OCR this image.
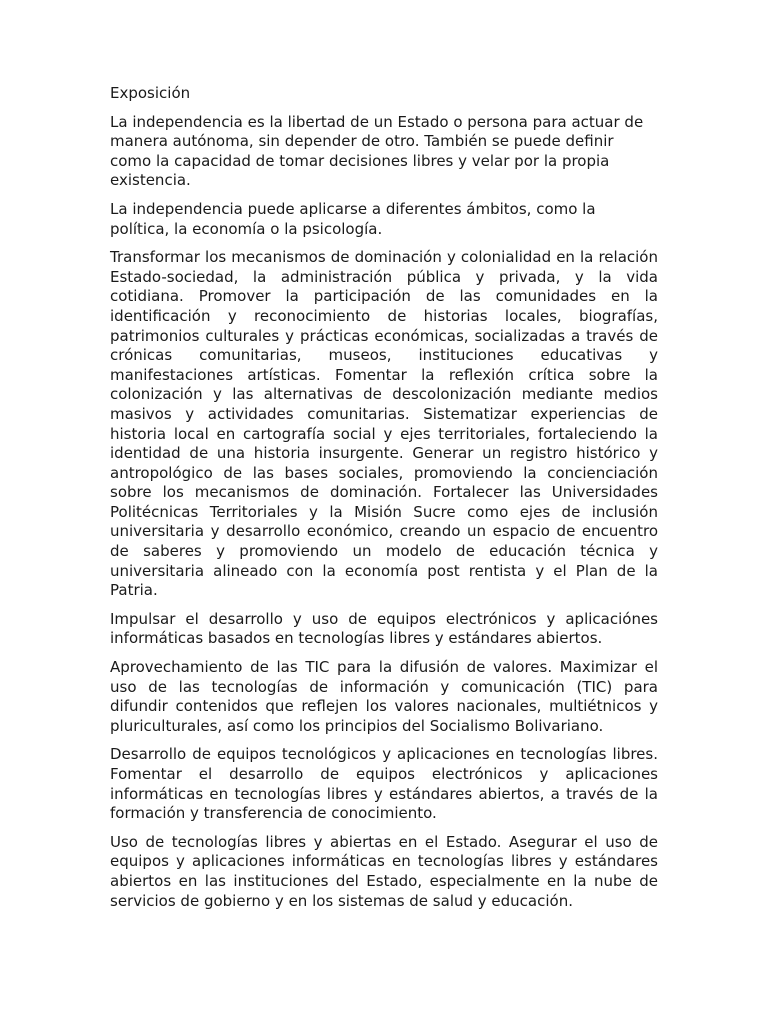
Exposición

La independencia es la libertad de un Estado o persona para actuar de manera autónoma, sin depender de otro. También se puede definir como la capacidad de tomar decisiones libres y velar por la propia existencia.

La independencia puede aplicarse a diferentes ámbitos, como la política, la economía o la psicología.

Transformar los mecanismos de dominación y colonialidad en la relación Estado-sociedad, la administración pública y privada, y la vida cotidiana. Promover la participación de las comunidades en la identificación y reconocimiento de historias locales, biografías, patrimonios culturales y prácticas económicas, socializadas a través de crónicas comunitarias, museos, instituciones educativas y manifestaciones artísticas. Fomentar la reflexión crítica sobre la colonización y las alternativas de descolonización mediante medios masivos y actividades comunitarias. Sistematizar experiencias de historia local en cartografía social y ejes territoriales, fortaleciendo la identidad de una historia insurgente. Generar un registro histórico y antropológico de las bases sociales, promoviendo la concienciación sobre los mecanismos de dominación. Fortalecer las Universidades Politécnicas Territoriales y la Misión Sucre como ejes de inclusión universitaria y desarrollo económico, creando un espacio de encuentro de saberes y promoviendo un modelo de educación técnica y universitaria alineado con la economía post rentista y el Plan de la Patria.

Impulsar el desarrollo y uso de equipos electrónicos y aplicaciónes informáticas basados en tecnologías libres y estándares abiertos.

Aprovechamiento de las TIC para la difusión de valores. Maximizar el uso de las tecnologías de información y comunicación (TIC) para difundir contenidos que reflejen los valores nacionales, multiétnicos y pluriculturales, así como los principios del Socialismo Bolivariano.

Desarrollo de equipos tecnológicos y aplicaciones en tecnologías libres. Fomentar el desarrollo de equipos electrónicos y aplicaciones informáticas en tecnologías libres y estándares abiertos, a través de la formación y transferencia de conocimiento.

Uso de tecnologías libres y abiertas en el Estado. Asegurar el uso de equipos y aplicaciones informáticas en tecnologías libres y estándares abiertos en las instituciones del Estado, especialmente en la nube de servicios de gobierno y en los sistemas de salud y educación.
